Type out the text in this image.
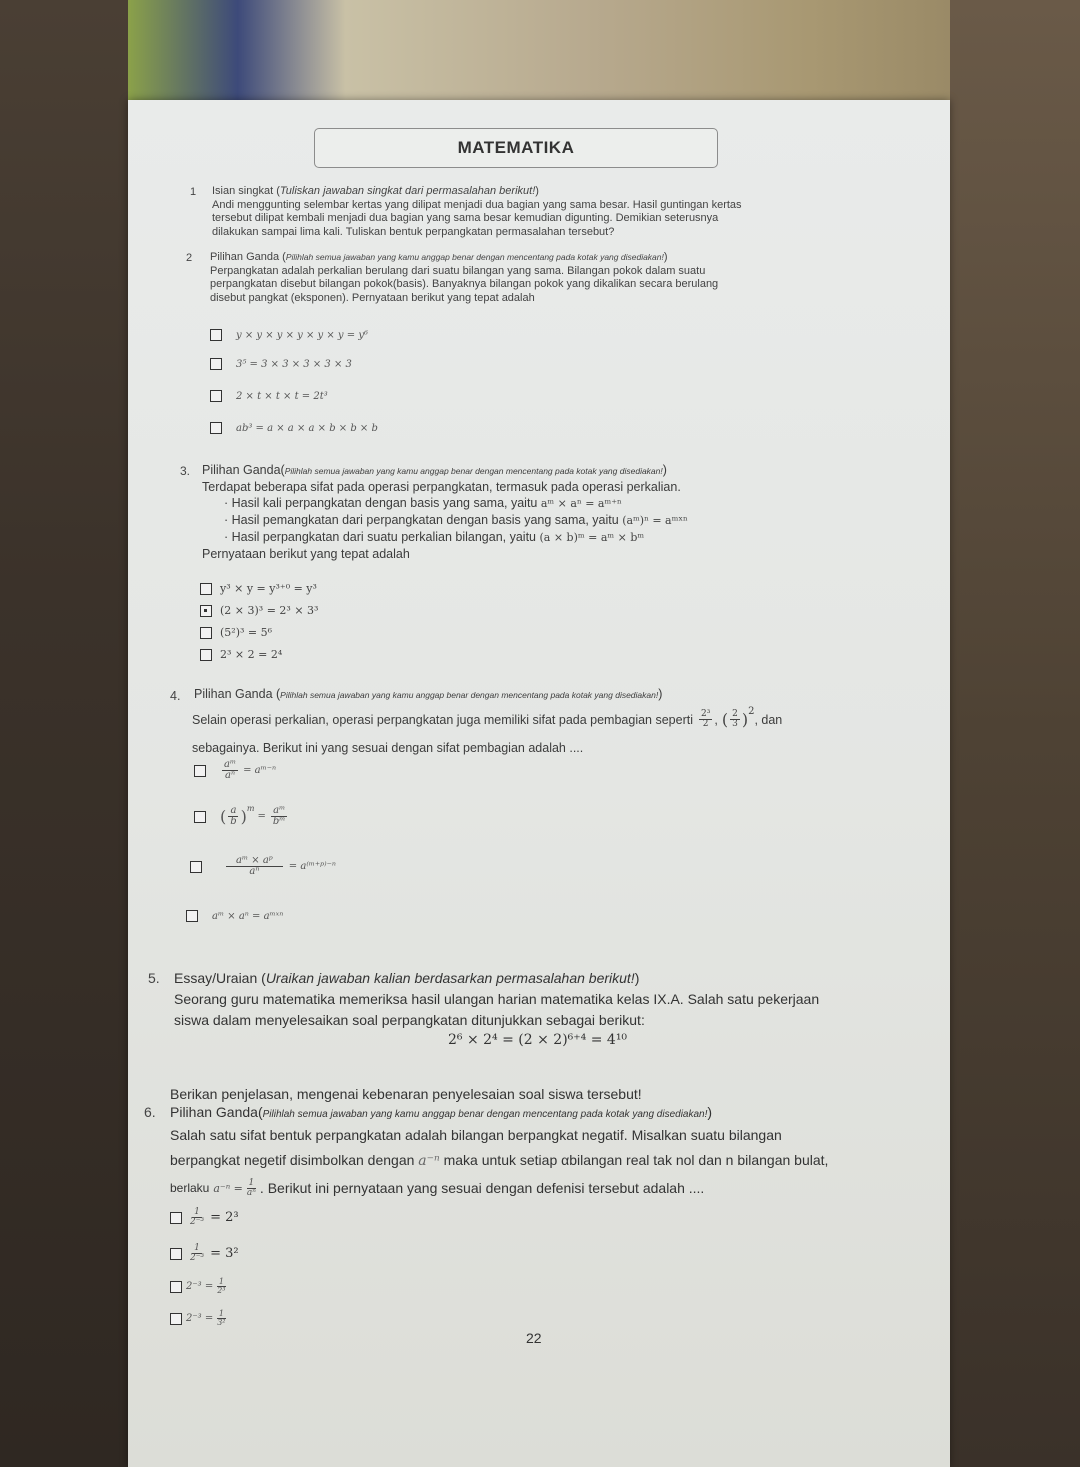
MATEMATIKA
1 Isian singkat (Tuliskan jawaban singkat dari permasalahan berikut!)
Andi menggunting selembar kertas yang dilipat menjadi dua bagian yang sama besar. Hasil guntingan kertas
tersebut dilipat kembali menjadi dua bagian yang sama besar kemudian digunting. Demikian seterusnya
dilakukan sampai lima kali. Tuliskan bentuk perpangkatan permasalahan tersebut?
2 Pilihan Ganda (Pilihlah semua jawaban yang kamu anggap benar dengan mencentang pada kotak yang disediakan!)
Perpangkatan adalah perkalian berulang dari suatu bilangan yang sama. Bilangan pokok dalam suatu
perpangkatan disebut bilangan pokok(basis). Banyaknya bilangan pokok yang dikalikan secara berulang
disebut pangkat (eksponen). Pernyataan berikut yang tepat adalah
y × y × y × y × y × y = y⁶
3⁵ = 3 × 3 × 3 × 3 × 3
2 × t × t × t = 2t³
ab³ = a × a × a × b × b × b
3. Pilihan Ganda(Pilihlah semua jawaban yang kamu anggap benar dengan mencentang pada kotak yang disediakan!)
Terdapat beberapa sifat pada operasi perpangkatan, termasuk pada operasi perkalian.
· Hasil kali perpangkatan dengan basis yang sama, yaitu aᵐ × aⁿ = aᵐ⁺ⁿ
· Hasil pemangkatan dari perpangkatan dengan basis yang sama, yaitu (aᵐ)ⁿ = aᵐˣⁿ
· Hasil perpangkatan dari suatu perkalian bilangan, yaitu (a × b)ᵐ = aᵐ × bᵐ
Pernyataan berikut yang tepat adalah
y³ × y = y³⁺⁰ = y³
(2 × 3)³ = 2³ × 3³
(5²)³ = 5⁶
2³ × 2 = 2⁴
4. Pilihan Ganda (Pilihlah semua jawaban yang kamu anggap benar dengan mencentang pada kotak yang disediakan!)
Selain operasi perkalian, operasi perpangkatan juga memiliki sifat pada pembagian seperti $\frac{\text{2³}}{2}$ , ( $\frac{2}{3} )^2$
, dan
sebagainya. Berikut ini yang sesuai dengan sifat pembagian adalah ....
$\frac{\text{aᵐ}}{\text{aⁿ}}$ = aᵐ⁻ⁿ
( $\frac{a}{b} )^m$
= $\frac{\text{aᵐ}}{\text{bᵐ}}$
$\frac{\text{aᵐ × aᵖ}}{\text{aⁿ}}$ = a⁽ᵐ⁺ᵖ⁾⁻ⁿ
aᵐ × aⁿ = aᵐˣⁿ
5. Essay/Uraian (Uraikan jawaban kalian berdasarkan permasalahan berikut!)
Seorang guru matematika memeriksa hasil ulangan harian matematika kelas IX.A. Salah satu pekerjaan
siswa dalam menyelesaikan soal perpangkatan ditunjukkan sebagai berikut:
2⁶ × 2⁴ = (2 × 2)⁶⁺⁴ = 4¹⁰
Berikan penjelasan, mengenai kebenaran penyelesaian soal siswa tersebut!
6. Pilihan Ganda(Pilihlah semua jawaban yang kamu anggap benar dengan mencentang pada kotak yang disediakan!)
Salah satu sifat bentuk perpangkatan adalah bilangan berpangkat negatif. Misalkan suatu bilangan
berpangkat negetif disimbolkan dengan a⁻ⁿ maka untuk setiap αbilangan real tak nol dan n bilangan bulat,
berlaku $a^{-n} = \frac{1}{\text{aⁿ}}$ . Berikut ini pernyataan yang sesuai dengan defenisi tersebut adalah ....
$\frac{1}{\text{2⁻³}} = 2^3$
$\frac{1}{\text{2⁻³}} = 3^2$
$2^{-3} = \frac{1}{\text{2³}}$
$2^{-3} = \frac{1}{\text{3²}}$
22
